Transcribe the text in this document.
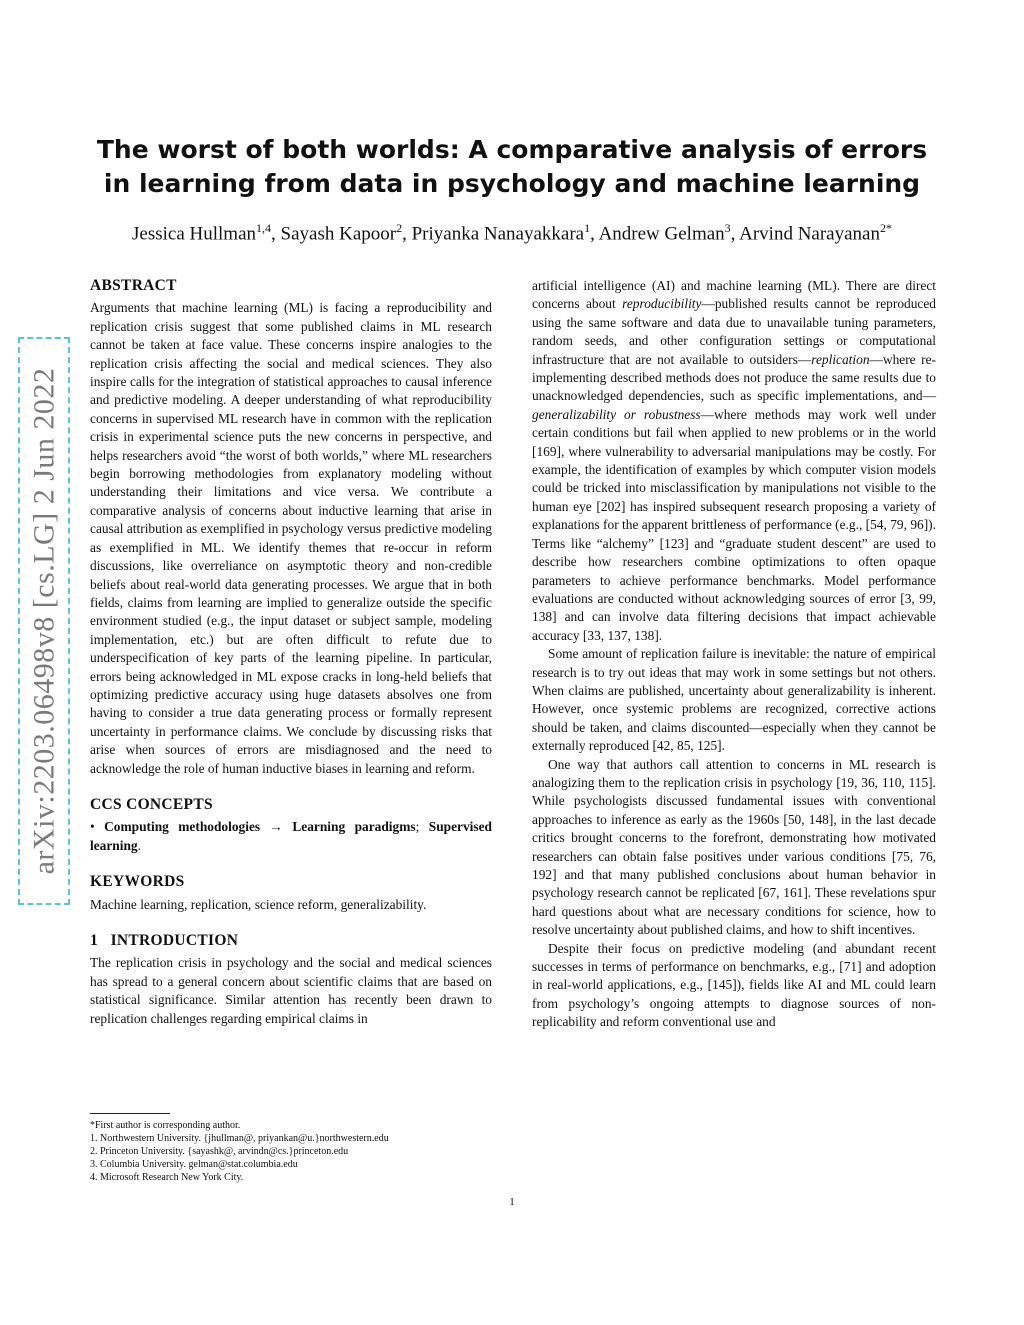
arXiv:2203.06498v8 [cs.LG] 2 Jun 2022
The worst of both worlds: A comparative analysis of errors in learning from data in psychology and machine learning

Jessica Hullman$^{1,4}$, Sayash Kapoor$^2$, Priyanka Nanayakkara$^1$, Andrew Gelman$^3$, Arvind Narayanan$^{2*}$

ABSTRACT

Arguments that machine learning (ML) is facing a reproducibility and replication crisis suggest that some published claims in ML research cannot be taken at face value. These concerns inspire analogies to the replication crisis affecting the social and medical sciences. They also inspire calls for the integration of statistical approaches to causal inference and predictive modeling. A deeper understanding of what reproducibility concerns in supervised ML research have in common with the replication crisis in experimental science puts the new concerns in perspective, and helps researchers avoid “the worst of both worlds,” where ML researchers begin borrowing methodologies from explanatory modeling without understanding their limitations and vice versa. We contribute a comparative analysis of concerns about inductive learning that arise in causal attribution as exemplified in psychology versus predictive modeling as exemplified in ML. We identify themes that re-occur in reform discussions, like overreliance on asymptotic theory and non-credible beliefs about real-world data generating processes. We argue that in both fields, claims from learning are implied to generalize outside the specific environment studied (e.g., the input dataset or subject sample, modeling implementation, etc.) but are often difficult to refute due to underspecification of key parts of the learning pipeline. In particular, errors being acknowledged in ML expose cracks in long-held beliefs that optimizing predictive accuracy using huge datasets absolves one from having to consider a true data generating process or formally represent uncertainty in performance claims. We conclude by discussing risks that arise when sources of errors are misdiagnosed and the need to acknowledge the role of human inductive biases in learning and reform.

CCS CONCEPTS

• Computing methodologies → Learning paradigms; Supervised learning.

KEYWORDS

Machine learning, replication, science reform, generalizability.

1   INTRODUCTION

The replication crisis in psychology and the social and medical sciences has spread to a general concern about scientific claims that are based on statistical significance. Similar attention has recently been drawn to replication challenges regarding empirical claims in

artificial intelligence (AI) and machine learning (ML). There are direct concerns about reproducibility—published results cannot be reproduced using the same software and data due to unavailable tuning parameters, random seeds, and other configuration settings or computational infrastructure that are not available to outsiders—replication—where re-implementing described methods does not produce the same results due to unacknowledged dependencies, such as specific implementations, and—generalizability or robustness—where methods may work well under certain conditions but fail when applied to new problems or in the world [169], where vulnerability to adversarial manipulations may be costly. For example, the identification of examples by which computer vision models could be tricked into misclassification by manipulations not visible to the human eye [202] has inspired subsequent research proposing a variety of explanations for the apparent brittleness of performance (e.g., [54, 79, 96]). Terms like “alchemy” [123] and “graduate student descent” are used to describe how researchers combine optimizations to often opaque parameters to achieve performance benchmarks. Model performance evaluations are conducted without acknowledging sources of error [3, 99, 138] and can involve data filtering decisions that impact achievable accuracy [33, 137, 138].

Some amount of replication failure is inevitable: the nature of empirical research is to try out ideas that may work in some settings but not others. When claims are published, uncertainty about generalizability is inherent. However, once systemic problems are recognized, corrective actions should be taken, and claims discounted—especially when they cannot be externally reproduced [42, 85, 125].

One way that authors call attention to concerns in ML research is analogizing them to the replication crisis in psychology [19, 36, 110, 115]. While psychologists discussed fundamental issues with conventional approaches to inference as early as the 1960s [50, 148], in the last decade critics brought concerns to the forefront, demonstrating how motivated researchers can obtain false positives under various conditions [75, 76, 192] and that many published conclusions about human behavior in psychology research cannot be replicated [67, 161]. These revelations spur hard questions about what are necessary conditions for science, how to resolve uncertainty about published claims, and how to shift incentives.

Despite their focus on predictive modeling (and abundant recent successes in terms of performance on benchmarks, e.g., [71] and adoption in real-world applications, e.g., [145]), fields like AI and ML could learn from psychology’s ongoing attempts to diagnose sources of non-replicability and reform conventional use and

*First author is corresponding author.
1. Northwestern University. {jhullman@, priyankan@u.}northwestern.edu
2. Princeton University. {sayashk@, arvindn@cs.}princeton.edu
3. Columbia University. gelman@stat.columbia.edu
4. Microsoft Research New York City.
1
